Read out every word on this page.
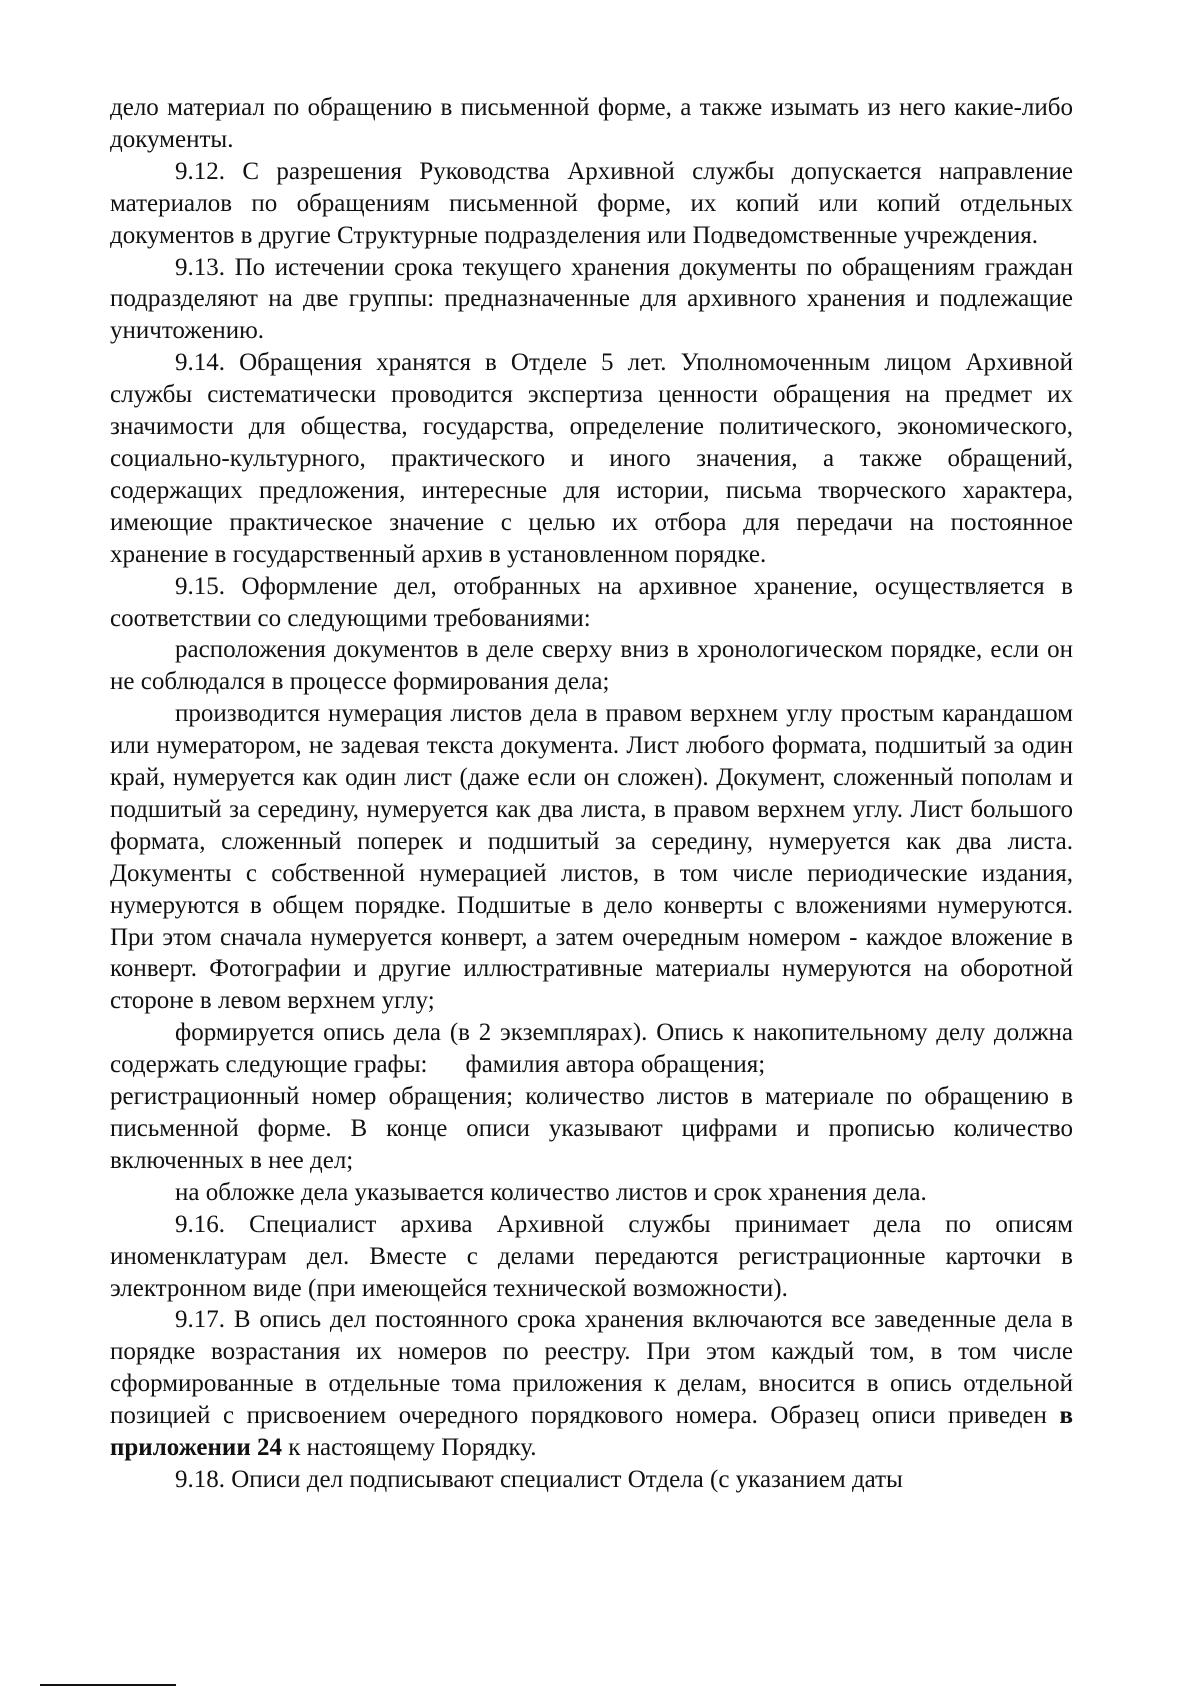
дело материал по обращению в письменной форме, а также изымать из него какие-либо документы.

9.12. С разрешения Руководства Архивной службы допускается направление материалов по обращениям письменной форме, их копий или копий отдельных документов в другие Структурные подразделения или Подведомственные учреждения.

9.13. По истечении срока текущего хранения документы по обращениям граждан подразделяют на две группы: предназначенные для архивного хранения и подлежащие уничтожению.

9.14. Обращения хранятся в Отделе 5 лет. Уполномоченным лицом Архивной службы систематически проводится экспертиза ценности обращения на предмет их значимости для общества, государства, определение политического, экономического, социально-культурного, практического и иного значения, а также обращений, содержащих предложения, интересные для истории, письма творческого характера, имеющие практическое значение с целью их отбора для передачи на постоянное хранение в государственный архив в установленном порядке.

9.15. Оформление дел, отобранных на архивное хранение, осуществляется в соответствии со следующими требованиями:

расположения документов в деле сверху вниз в хронологическом порядке, если он не соблюдался в процессе формирования дела;

производится нумерация листов дела в правом верхнем углу простым карандашом или нумератором, не задевая текста документа. Лист любого формата, подшитый за один край, нумеруется как один лист (даже если он сложен). Документ, сложенный пополам и подшитый за середину, нумеруется как два листа, в правом верхнем углу. Лист большого формата, сложенный поперек и подшитый за середину, нумеруется как два листа. Документы с собственной нумерацией листов, в том числе периодические издания, нумеруются в общем порядке. Подшитые в дело конверты с вложениями нумеруются. При этом сначала нумеруется конверт, а затем очередным номером - каждое вложение в конверт. Фотографии и другие иллюстративные материалы нумеруются на оборотной стороне в левом верхнем углу;

формируется опись дела (в 2 экземплярах). Опись к накопительному делу должна содержать следующие графы: фамилия автора обращения;

регистрационный номер обращения; количество листов в материале по обращению в письменной форме. В конце описи указывают цифрами и прописью количество включенных в нее дел;

на обложке дела указывается количество листов и срок хранения дела.

9.16. Специалист архива Архивной службы принимает дела по описям иноменклатурам дел. Вместе с делами передаются регистрационные карточки в электронном виде (при имеющейся технической возможности).

9.17. В опись дел постоянного срока хранения включаются все заведенные дела в порядке возрастания их номеров по реестру. При этом каждый том, в том числе сформированные в отдельные тома приложения к делам, вносится в опись отдельной позицией с присвоением очередного порядкового номера. Образец описи приведен в приложении 24 к настоящему Порядку.

9.18. Описи дел подписывают специалист Отдела (с указанием даты
